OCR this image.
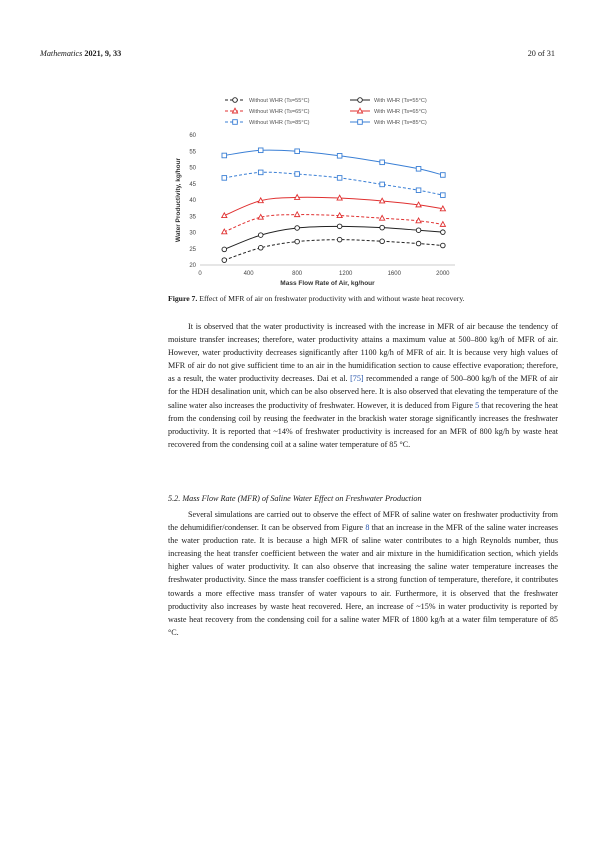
Mathematics 2021, 9, 33	20 of 31
20
25
30
35
40
45
50
55
60
0	400	800	1200	1600	2000
Mass Flow Rate of Air, kg/hour
Water Productivity, kg/hour
Without WHR (Ts=55°C)
Without WHR (Ts=65°C)
Without WHR (Ts=85°C)
With WHR (Ts=55°C)
With WHR (Ts=65°C)
With WHR (Ts=85°C)
Figure 7. Effect of MFR of air on freshwater productivity with and without waste heat recovery.

It is observed that the water productivity is increased with the increase in MFR of air because the tendency of moisture transfer increases; therefore, water productivity attains a maximum value at 500–800 kg/h of MFR of air. However, water productivity decreases significantly after 1100 kg/h of MFR of air. It is because very high values of MFR of air do not give sufficient time to an air in the humidification section to cause effective evaporation; therefore, as a result, the water productivity decreases. Dai et al. [75] recommended a range of 500–800 kg/h of the MFR of air for the HDH desalination unit, which can be also observed here. It is also observed that elevating the temperature of the saline water also increases the productivity of freshwater. However, it is deduced from Figure 5 that recovering the heat from the condensing coil by reusing the feedwater in the brackish water storage significantly increases the freshwater productivity. It is reported that ~14% of freshwater productivity is increased for an MFR of 800 kg/h by waste heat recovered from the condensing coil at a saline water temperature of 85 °C.

5.2. Mass Flow Rate (MFR) of Saline Water Effect on Freshwater Production

Several simulations are carried out to observe the effect of MFR of saline water on freshwater productivity from the dehumidifier/condenser. It can be observed from Figure 8 that an increase in the MFR of the saline water increases the water production rate. It is because a high MFR of saline water contributes to a high Reynolds number, thus increasing the heat transfer coefficient between the water and air mixture in the humidification section, which yields higher values of water productivity. It can also observe that increasing the saline water temperature increases the freshwater productivity. Since the mass transfer coefficient is a strong function of temperature, therefore, it contributes towards a more effective mass transfer of water vapours to air. Furthermore, it is observed that the freshwater productivity also increases by waste heat recovered. Here, an increase of ~15% in water productivity is reported by waste heat recovery from the condensing coil for a saline water MFR of 1800 kg/h at a water film temperature of 85 °C.
